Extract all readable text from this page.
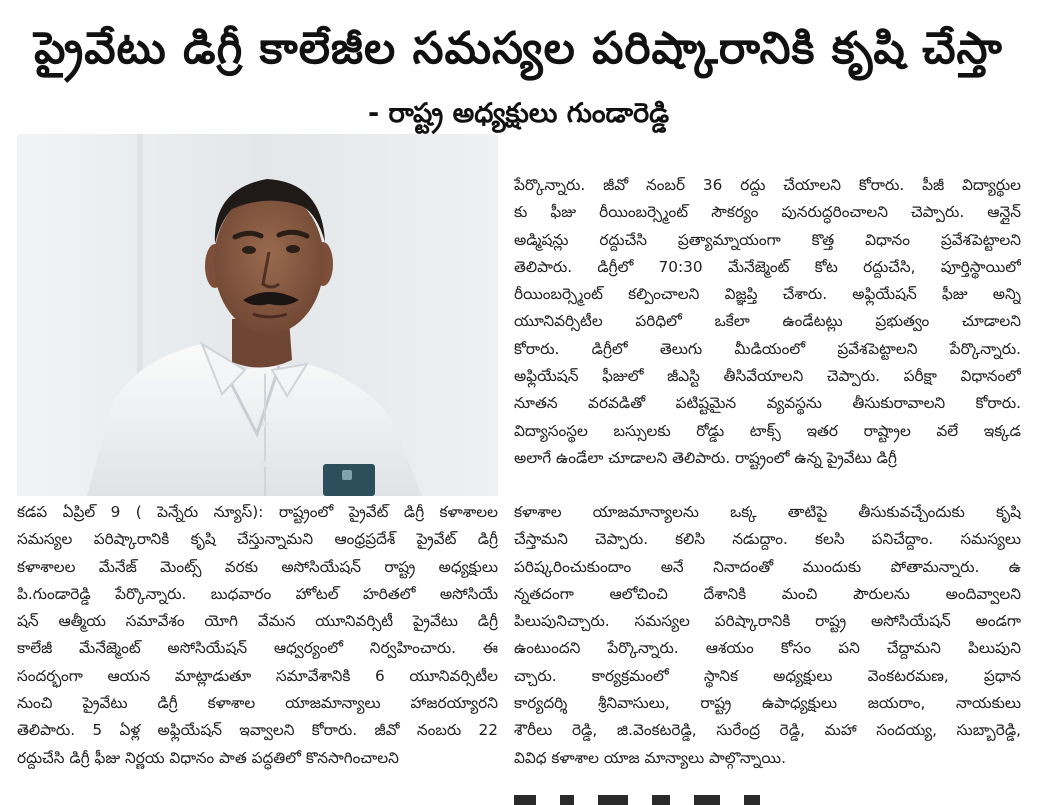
ప్రైవేటు డిగ్రీ కాలేజీల సమస్యల పరిష్కారానికి కృషి చేస్తా
- రాష్ట్ర అధ్యక్షులు గుండారెడ్డి
పేర్కొన్నారు. జీవో నంబర్ 36 రద్దు చేయాలని కోరారు. పీజీ విద్యార్థుల
కు ఫీజు రీయింబర్స్మెంట్ సౌకర్యం పునరుద్ధరించాలని చెప్పారు. ఆన్లైన్
అడ్మిషన్లు రద్దుచేసి ప్రత్యామ్నాయంగా కొత్త విధానం ప్రవేశపెట్టాలని
తెలిపారు. డిగ్రీలో 70:30 మేనేజ్మెంట్ కోట రద్దుచేసి, పూర్తిస్థాయిలో
రీయింబర్స్మెంట్ కల్పించాలని విజ్ఞప్తి చేశారు. అఫ్లియేషన్ ఫీజు అన్ని
యూనివర్సిటీల పరిధిలో ఒకేలా ఉండేటట్లు ప్రభుత్వం చూడాలని
కోరారు. డిగ్రీలో తెలుగు మీడియంలో ప్రవేశపెట్టాలని పేర్కొన్నారు.
అఫ్లియేషన్ ఫీజులో జీఎస్టి తీసివేయాలని చెప్పారు. పరీక్షా విధానంలో
నూతన వరవడితో పటిష్టమైన వ్యవస్థను తీసుకురావాలని కోరారు.
విద్యాసంస్థల బస్సులకు రోడ్డు టాక్స్ ఇతర రాష్ట్రాల వలే ఇక్కడ
అలాగే ఉండేలా చూడాలని తెలిపారు. రాష్ట్రంలో ఉన్న ప్రైవేటు డిగ్రీ
కడప ఏప్రిల్ 9 ( పెన్నేరు న్యూస్): రాష్ట్రంలో ప్రైవేట్ డిగ్రీ కళాశాలల
సమస్యల పరిష్కారానికి కృషి చేస్తున్నామని ఆంధ్రప్రదేశ్ ప్రైవేట్ డిగ్రీ
కళాశాలల మేనేజ్ మెంట్స్ వరకు అసోసియేషన్ రాష్ట్ర అధ్యక్షులు
పి.గుండారెడ్డి పేర్కొన్నారు. బుధవారం హోటల్ హరితలో అసోసియే
షన్ ఆత్మీయ సమావేశం యోగి వేమన యూనివర్సిటీ ప్రైవేటు డిగ్రీ
కాలేజీ మేనేజ్మెంట్ అసోసియేషన్ ఆధ్వర్యంలో నిర్వహించారు. ఈ
సందర్భంగా ఆయన మాట్లాడుతూ సమావేశానికి 6 యూనివర్సిటీల
నుంచి ప్రైవేటు డిగ్రీ కళాశాల యాజమాన్యాలు హాజరయ్యారని
తెలిపారు. 5 ఏళ్ల అఫ్లియేషన్ ఇవ్వాలని కోరారు. జీవో నంబరు 22
రద్దుచేసి డిగ్రీ ఫీజు నిర్ణయ విధానం పాత పద్ధతిలో కొనసాగించాలని
కళాశాల యాజమాన్యాలను ఒక్క తాటిపై తీసుకువచ్చేందుకు కృషి
చేస్తామని చెప్పారు. కలిసి నడుద్దాం. కలసి పనిచేద్దాం. సమస్యలు
పరిష్కరించుకుందాం అనే నినాదంతో ముందుకు పోతామన్నారు. ఉ
న్నతదంగా ఆలోచించి దేశానికి మంచి పౌరులను అందివ్వాలని
పిలుపునిచ్చారు. సమస్యల పరిష్కారానికి రాష్ట్ర అసోసియేషన్ అండగా
ఉంటుందని పేర్కొన్నారు. ఆశయం కోసం పని చేద్దామని పిలుపుని
చ్చారు. కార్యక్రమంలో స్థానిక అధ్యక్షులు వెంకటరమణ, ప్రధాన
కార్యదర్శి శ్రీనివాసులు, రాష్ట్ర ఉపాధ్యక్షులు జయరాం, నాయకులు
శౌరీలు రెడ్డి, జి.వెంకటరెడ్డి, సురేంద్ర రెడ్డి, మహా సందయ్య, సుబ్బారెడ్డి,
వివిధ కళాశాల యాజ మాన్యాలు పాల్గొన్నాయి.
